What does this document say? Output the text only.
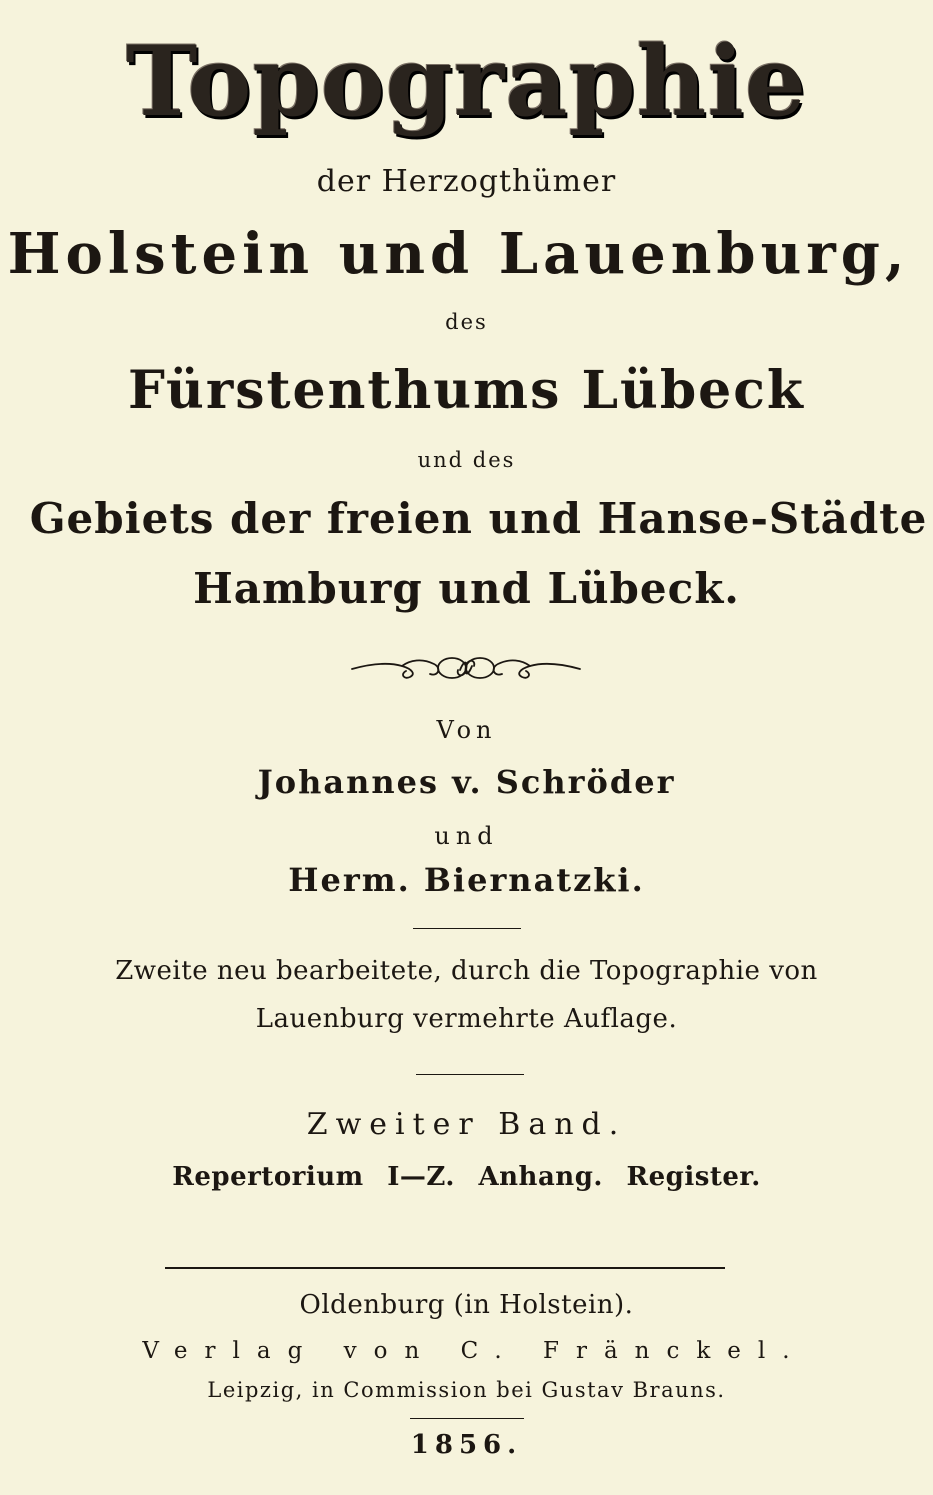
Topographie
der Herzogthümer
Holstein und Lauenburg,
des
Fürstenthums Lübeck
und des
Gebiets der freien und Hanse-Städte
Hamburg und Lübeck.
Von
Johannes v. Schröder
und
Herm. Biernatzki.
Zweite neu bearbeitete, durch die Topographie von
Lauenburg vermehrte Auflage.
Zweiter Band.
Repertorium I—Z. Anhang. Register.
Oldenburg (in Holstein).
Verlag von C. Fränckel.
Leipzig, in Commission bei Gustav Brauns.
1856.
